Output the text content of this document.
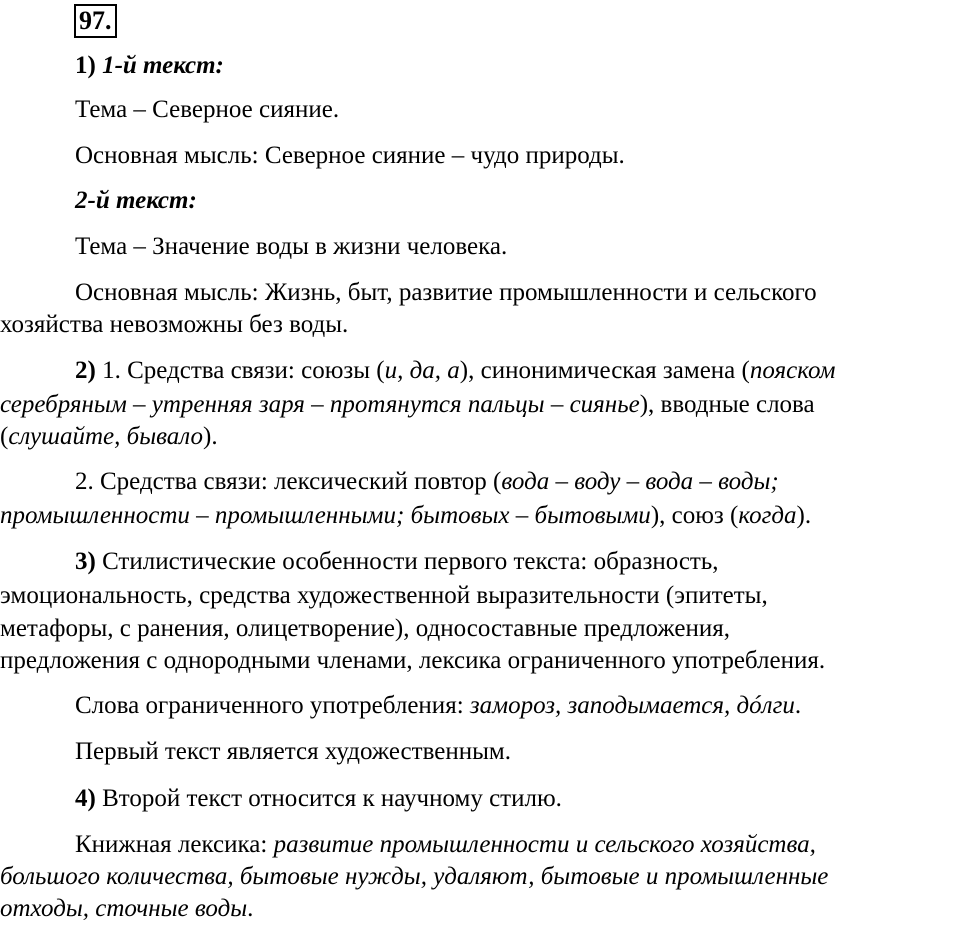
97.
1) 1-й текст:
Тема – Северное сияние.
Основная мысль: Северное сияние – чудо природы.
2-й текст:
Тема – Значение воды в жизни человека.
Основная мысль: Жизнь, быт, развитие промышленности и сельского
хозяйства невозможны без воды.
2) 1. Средства связи: союзы (и, да, а), синонимическая замена (пояском
серебряным – утренняя заря – протянутся пальцы – сиянье), вводные слова
(слушайте, бывало).
2. Средства связи: лексический повтор (вода – воду – вода – воды;
промышленности – промышленными; бытовых – бытовыми), союз (когда).
3) Стилистические особенности первого текста: образность,
эмоциональность, средства художественной выразительности (эпитеты,
метафоры, с ранения, олицетворение), односоставные предложения,
предложения с однородными членами, лексика ограниченного употребления.
Слова ограниченного употребления: замороз, заподымается, дóлги.
Первый текст является художественным.
4) Второй текст относится к научному стилю.
Книжная лексика: развитие промышленности и сельского хозяйства,
большого количества, бытовые нужды, удаляют, бытовые и промышленные
отходы, сточные воды.
